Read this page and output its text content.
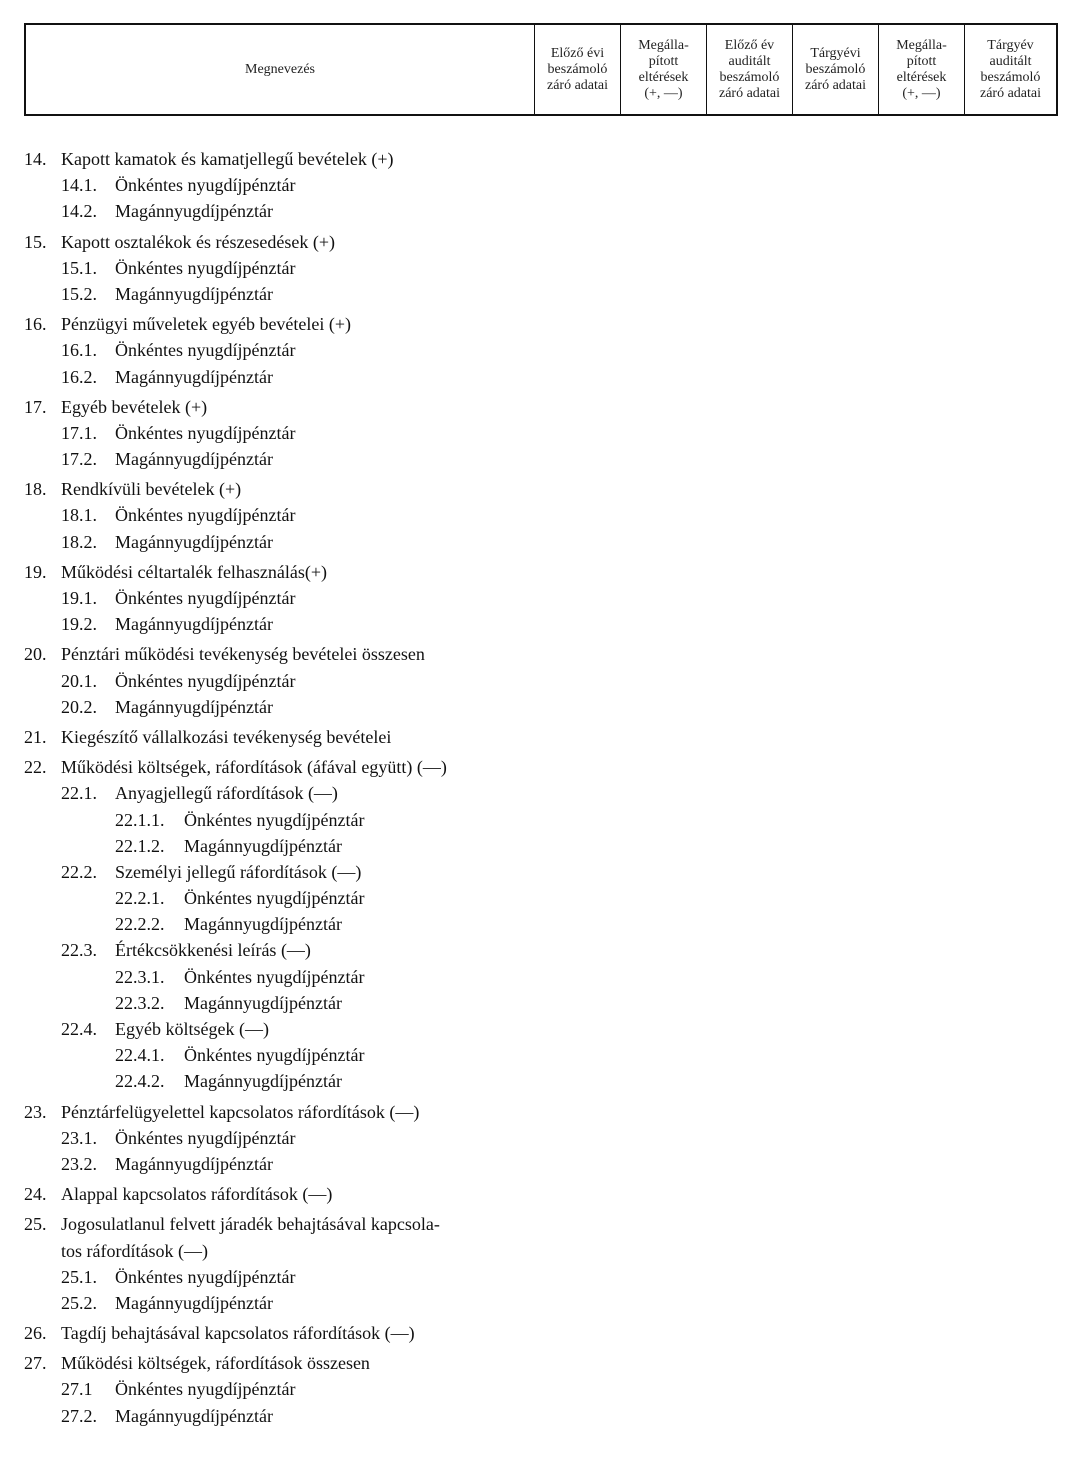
Megnevezés
Előző évi
beszámoló
záró adatai
Megálla-
pított
eltérések
(+, —)
Előző év
auditált
beszámoló
záró adatai
Tárgyévi
beszámoló
záró adatai
Megálla-
pított
eltérések
(+, —)
Tárgyév
auditált
beszámoló
záró adatai
14. Kapott kamatok és kamatjellegű bevételek (+)
14.1. Önkéntes nyugdíjpénztár
14.2. Magánnyugdíjpénztár
15. Kapott osztalékok és részesedések (+)
15.1. Önkéntes nyugdíjpénztár
15.2. Magánnyugdíjpénztár
16. Pénzügyi műveletek egyéb bevételei (+)
16.1. Önkéntes nyugdíjpénztár
16.2. Magánnyugdíjpénztár
17. Egyéb bevételek (+)
17.1. Önkéntes nyugdíjpénztár
17.2. Magánnyugdíjpénztár
18. Rendkívüli bevételek (+)
18.1. Önkéntes nyugdíjpénztár
18.2. Magánnyugdíjpénztár
19. Működési céltartalék felhasználás(+)
19.1. Önkéntes nyugdíjpénztár
19.2. Magánnyugdíjpénztár
20. Pénztári működési tevékenység bevételei összesen
20.1. Önkéntes nyugdíjpénztár
20.2. Magánnyugdíjpénztár
21. Kiegészítő vállalkozási tevékenység bevételei
22. Működési költségek, ráfordítások (áfával együtt) (—)
22.1. Anyagjellegű ráfordítások (—)
22.1.1. Önkéntes nyugdíjpénztár
22.1.2. Magánnyugdíjpénztár
22.2. Személyi jellegű ráfordítások (—)
22.2.1. Önkéntes nyugdíjpénztár
22.2.2. Magánnyugdíjpénztár
22.3. Értékcsökkenési leírás (—)
22.3.1. Önkéntes nyugdíjpénztár
22.3.2. Magánnyugdíjpénztár
22.4. Egyéb költségek (—)
22.4.1. Önkéntes nyugdíjpénztár
22.4.2. Magánnyugdíjpénztár
23. Pénztárfelügyelettel kapcsolatos ráfordítások (—)
23.1. Önkéntes nyugdíjpénztár
23.2. Magánnyugdíjpénztár
24. Alappal kapcsolatos ráfordítások (—)
25. Jogosulatlanul felvett járadék behajtásával kapcsola-
tos ráfordítások (—)
25.1. Önkéntes nyugdíjpénztár
25.2. Magánnyugdíjpénztár
26. Tagdíj behajtásával kapcsolatos ráfordítások (—)
27. Működési költségek, ráfordítások összesen
27.1 Önkéntes nyugdíjpénztár
27.2. Magánnyugdíjpénztár
